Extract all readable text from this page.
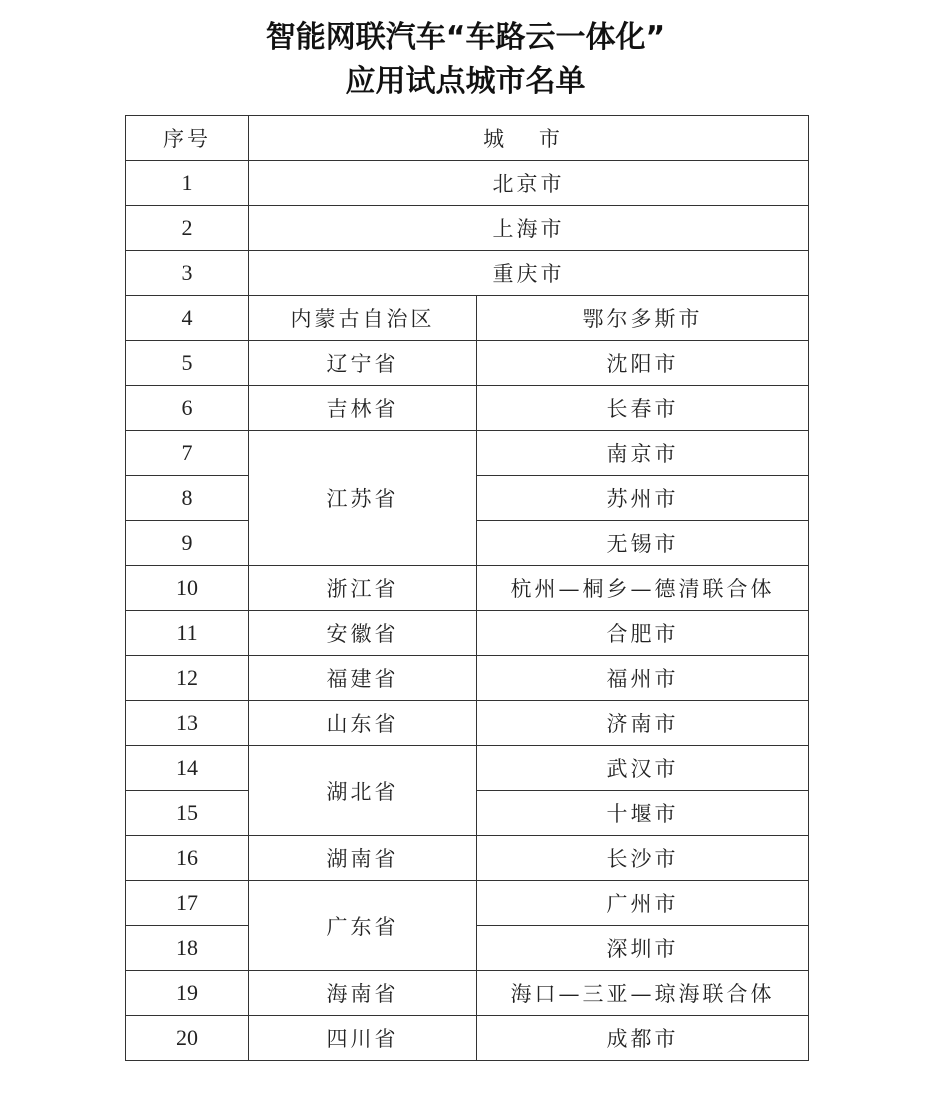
智能网联汽车“车路云一体化”
应用试点城市名单
序号	城 市	
1	北京市	
2	上海市	
3	重庆市	
4	内蒙古自治区	鄂尔多斯市
5	辽宁省	沈阳市
6	吉林省	长春市
7	江苏省	南京市
8		苏州市
9		无锡市
10	浙江省	杭州—桐乡—德清联合体
11	安徽省	合肥市
12	福建省	福州市
13	山东省	济南市
14	湖北省	武汉市
15		十堰市
16	湖南省	长沙市
17	广东省	广州市
18		深圳市
19	海南省	海口—三亚—琼海联合体
20	四川省	成都市
